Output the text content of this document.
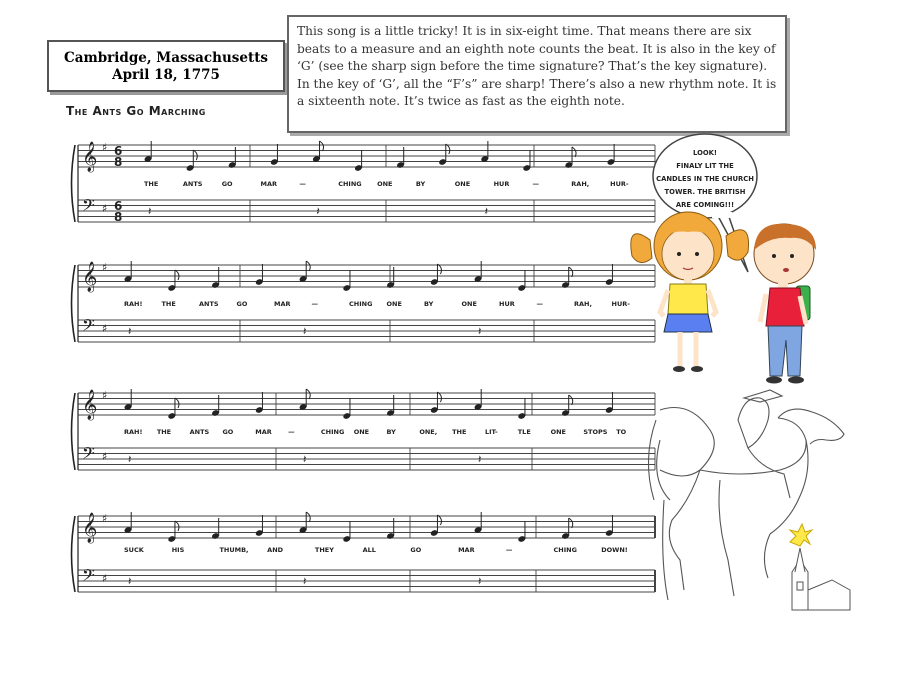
Cambridge, Massachusetts
April 18, 1775
This song is a little tricky! It is in six-eight time. That means there are six beats to a measure and an eighth note counts the beat. It is also in the key of ‘G’ (see the sharp sign before the time signature? That’s the key signature). In the key of ‘G’, all the “F’s” are sharp! There’s also a new rhythm note. It is a sixteenth note. It’s twice as fast as the eighth note.
The Ants Go Marching
𝄞 ♯ 6
8
𝄢 ♯ 6
8 𝄽	𝄽	𝄽
𝄞 ♯
𝄢 ♯ 𝄽	𝄽	𝄽
𝄞 ♯
𝄢 ♯ 𝄽	𝄽	𝄽
𝄞 ♯
𝄢 ♯ 𝄽	𝄽	𝄽
THE	ANTS	GO	MAR	—	CHING ONE	BY	ONE	HUR	—	RAH,	HUR-
RAH!	THE	ANTS	GO	MAR	—	CHING ONE	BY	ONE	HUR	—	RAH,	HUR-
RAH! THE	ANTS GO	MAR	—	CHING ONE	BY	ONE, THE	LIT-	TLE	ONE	STOPS TO
SUCK	HIS	THUMB,	AND	THEY	ALL	GO	MAR	—	CHING	DOWN!
LOOK!
FINALY LIT THE
CANDLES IN THE CHURCH
TOWER. THE BRITISH
ARE COMING!!!
